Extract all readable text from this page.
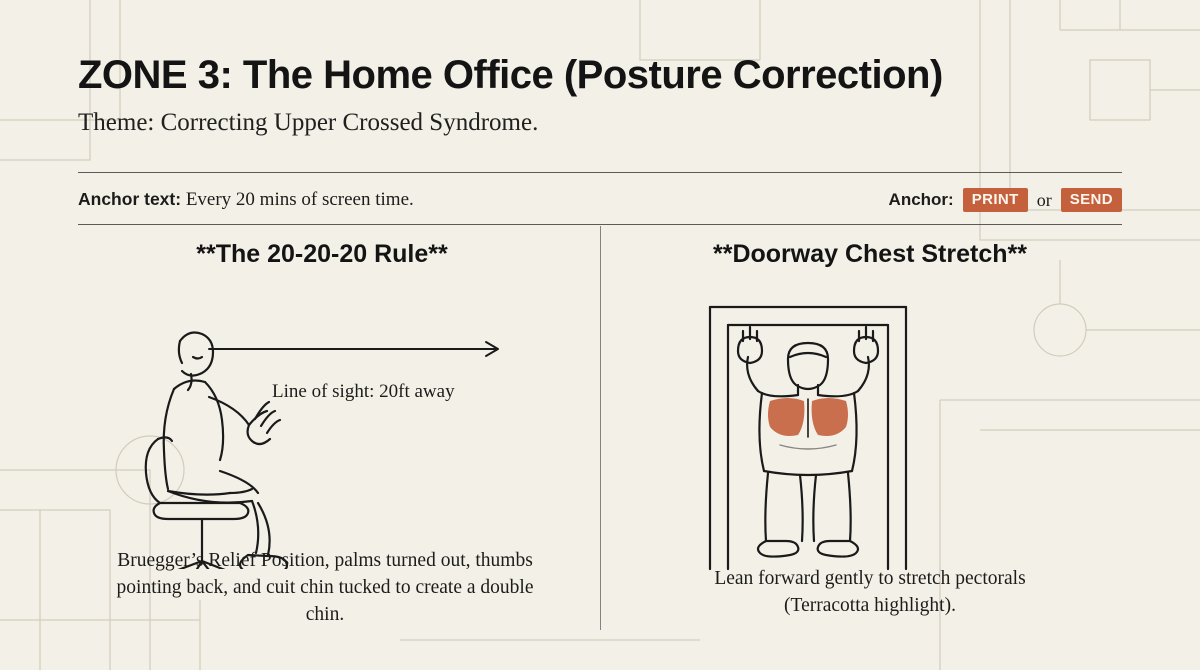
ZONE 3: The Home Office (Posture Correction)

Theme: Correcting Upper Crossed Syndrome.

Anchor text: Every 20 mins of screen time.	Anchor:	PRINT	or	SEND
**The 20-20-20 Rule**
Line of sight: 20ft away
Bruegger’s Relief Position, palms turned out, thumbs pointing back, and cuit chin tucked to create a double chin.
**Doorway Chest Stretch**
Lean forward gently to stretch pectorals (Terracotta highlight).
